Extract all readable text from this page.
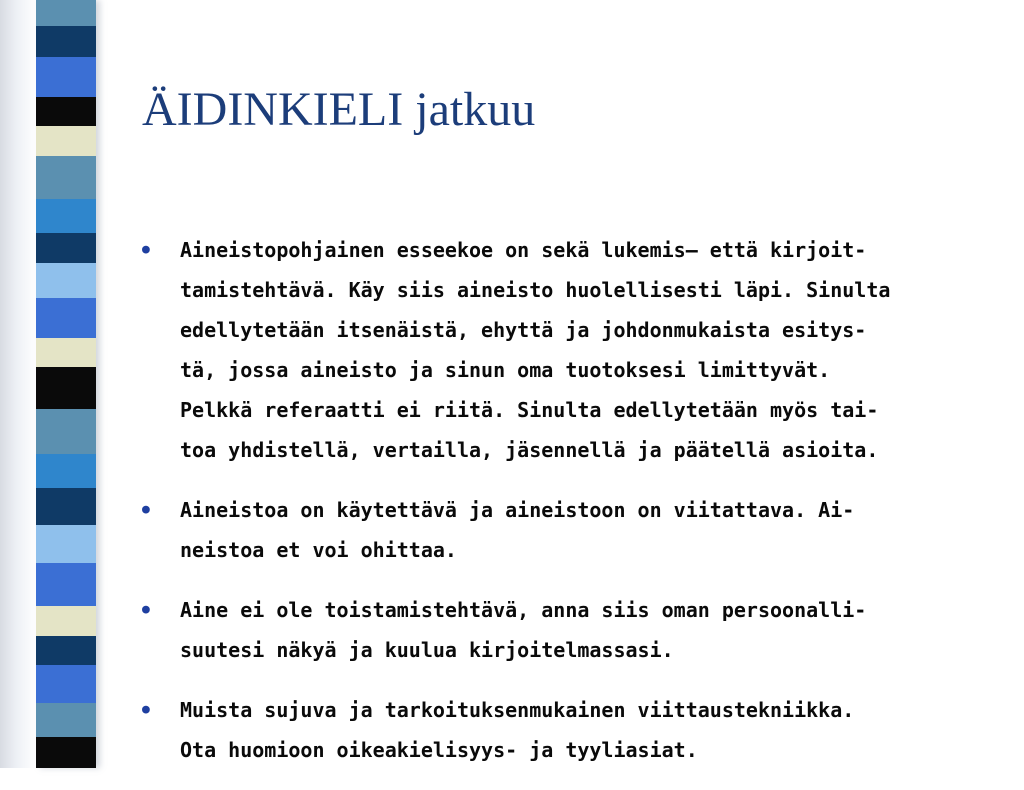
ÄIDINKIELI jatkuu
●	Aineistopohjainen esseekoe on sekä lukemis– että kirjoit-
tamistehtävä. Käy siis aineisto huolellisesti läpi. Sinulta
edellytetään itsenäistä, ehyttä ja johdonmukaista esitys-
tä, jossa aineisto ja sinun oma tuotoksesi limittyvät.
Pelkkä referaatti ei riitä. Sinulta edellytetään myös tai-
toa yhdistellä, vertailla, jäsennellä ja päätellä asioita.

●	Aineistoa on käytettävä ja aineistoon on viitattava. Ai-
neistoa et voi ohittaa.

●	Aine ei ole toistamistehtävä, anna siis oman persoonalli-
suutesi näkyä ja kuulua kirjoitelmassasi.

●	Muista sujuva ja tarkoituksenmukainen viittaustekniikka.
Ota huomioon oikeakielisyys- ja tyyliasiat.
